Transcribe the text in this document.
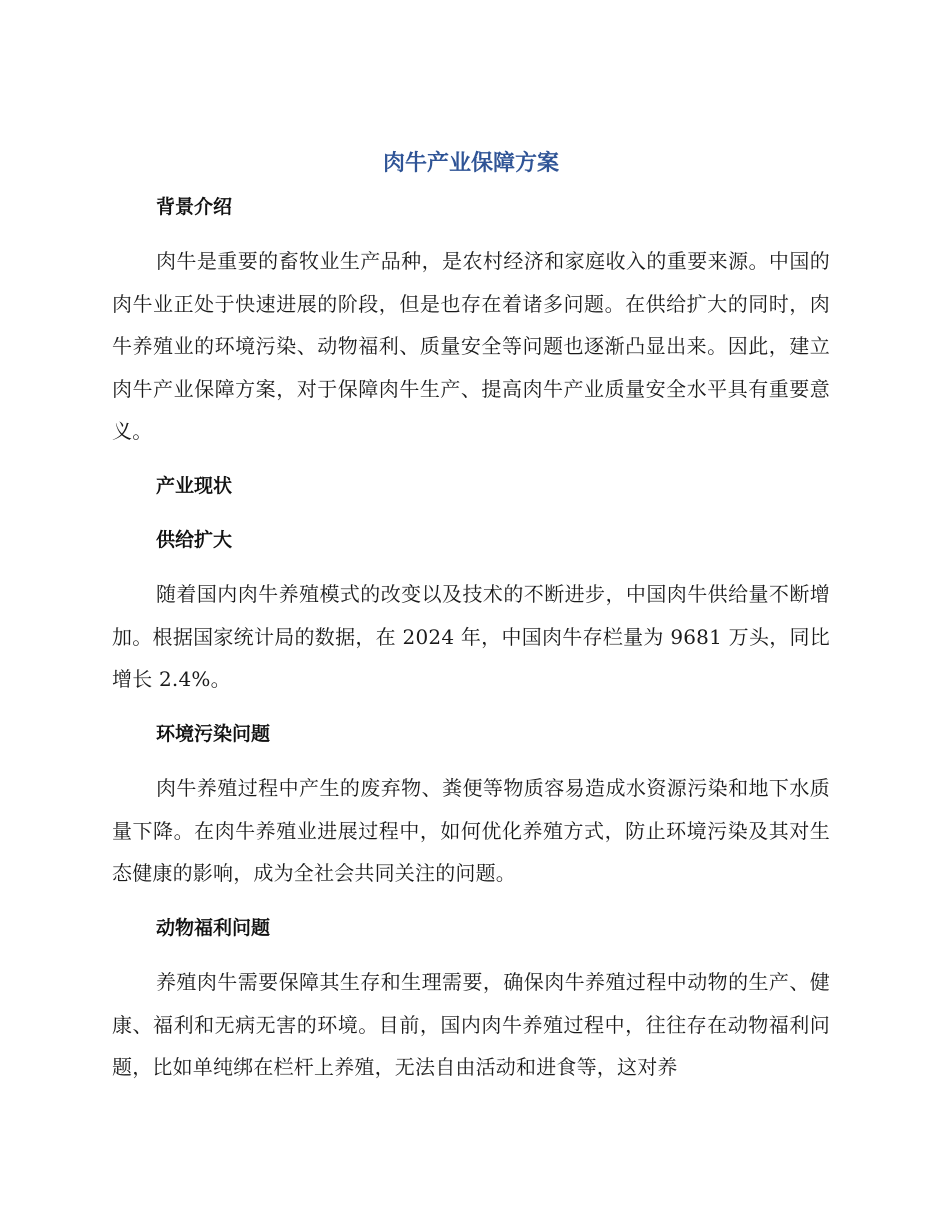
肉牛产业保障方案
背景介绍

肉牛是重要的畜牧业生产品种，是农村经济和家庭收入的重要来源。中国的肉牛业正处于快速进展的阶段，但是也存在着诸多问题。在供给扩大的同时，肉牛养殖业的环境污染、动物福利、质量安全等问题也逐渐凸显出来。因此，建立肉牛产业保障方案，对于保障肉牛生产、提高肉牛产业质量安全水平具有重要意义。

产业现状
供给扩大

随着国内肉牛养殖模式的改变以及技术的不断进步，中国肉牛供给量不断增加。根据国家统计局的数据，在 2024 年，中国肉牛存栏量为 9681 万头，同比增长 2.4%。

环境污染问题

肉牛养殖过程中产生的废弃物、粪便等物质容易造成水资源污染和地下水质量下降。在肉牛养殖业进展过程中，如何优化养殖方式，防止环境污染及其对生态健康的影响，成为全社会共同关注的问题。

动物福利问题

养殖肉牛需要保障其生存和生理需要，确保肉牛养殖过程中动物的生产、健康、福利和无病无害的环境。目前，国内肉牛养殖过程中，往往存在动物福利问题，比如单纯绑在栏杆上养殖，无法自由活动和进食等，这对养
